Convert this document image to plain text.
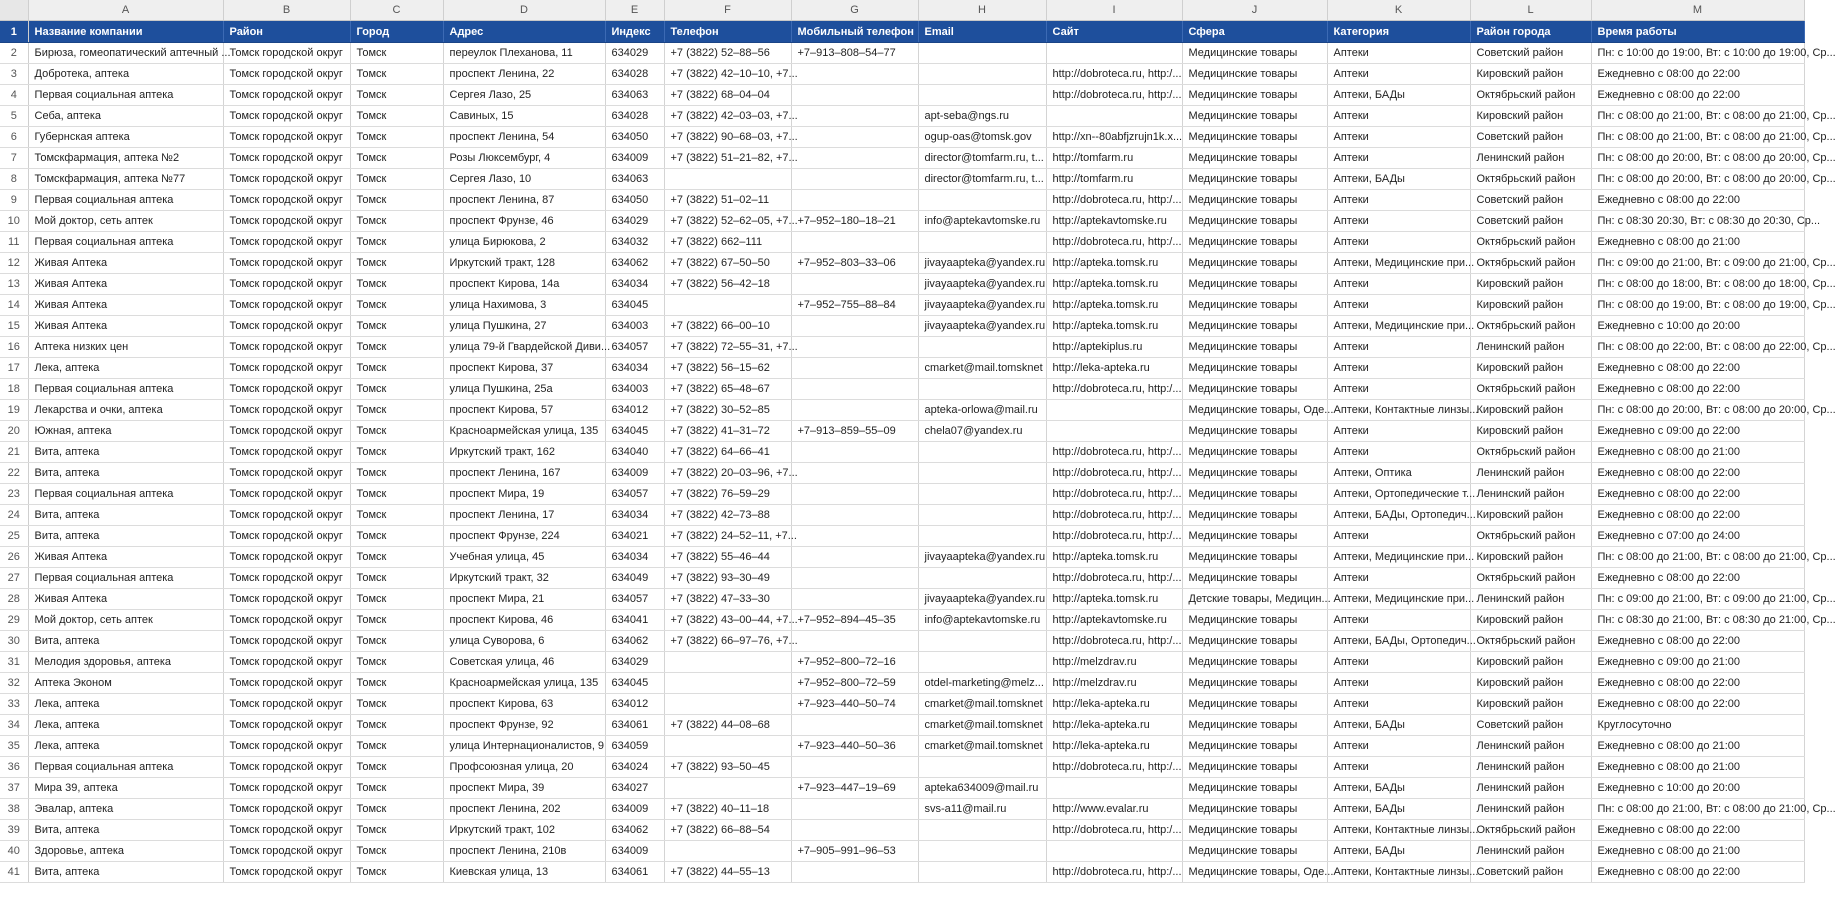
	A	B	C	D	E	F	G	H	I	J	K	L	M
1	Название компании	Район	Город	Адрес	Индекс	Телефон	Мобильный телефон	Email	Сайт	Сфера	Категория	Район города	Время работы
2	Бирюза, гомеопатический аптечный ...	Томск городской округ	Томск	переулок Плеханова, 11	634029	+7 (3822) 52‒88‒56	+7‒913‒808‒54‒77			Медицинские товары	Аптеки	Советский район	Пн: с 10:00 до 19:00, Вт: с 10:00 до 19:00, Ср...
3	Добротека, аптека	Томск городской округ	Томск	проспект Ленина, 22	634028	+7 (3822) 42‒10‒10, +7...			http://dobroteca.ru, http:/...	Медицинские товары	Аптеки	Кировский район	Ежедневно с 08:00 до 22:00
4	Первая социальная аптека	Томск городской округ	Томск	Сергея Лазо, 25	634063	+7 (3822) 68‒04‒04			http://dobroteca.ru, http:/...	Медицинские товары	Аптеки, БАДы	Октябрьский район	Ежедневно с 08:00 до 22:00
5	Себа, аптека	Томск городской округ	Томск	Савиных, 15	634028	+7 (3822) 42‒03‒03, +7...		apt-seba@ngs.ru		Медицинские товары	Аптеки	Кировский район	Пн: с 08:00 до 21:00, Вт: с 08:00 до 21:00, Ср...
6	Губернская аптека	Томск городской округ	Томск	проспект Ленина, 54	634050	+7 (3822) 90‒68‒03, +7...		ogup-oas@tomsk.gov	http://xn--80abfjzrujn1k.x...	Медицинские товары	Аптеки	Советский район	Пн: с 08:00 до 21:00, Вт: с 08:00 до 21:00, Ср...
7	Томскфармация, аптека №2	Томск городской округ	Томск	Розы Люксембург, 4	634009	+7 (3822) 51‒21‒82, +7...		director@tomfarm.ru, t...	http://tomfarm.ru	Медицинские товары	Аптеки	Ленинский район	Пн: с 08:00 до 20:00, Вт: с 08:00 до 20:00, Ср...
8	Томскфармация, аптека №77	Томск городской округ	Томск	Сергея Лазо, 10	634063			director@tomfarm.ru, t...	http://tomfarm.ru	Медицинские товары	Аптеки, БАДы	Октябрьский район	Пн: с 08:00 до 20:00, Вт: с 08:00 до 20:00, Ср...
9	Первая социальная аптека	Томск городской округ	Томск	проспект Ленина, 87	634050	+7 (3822) 51‒02‒11			http://dobroteca.ru, http:/...	Медицинские товары	Аптеки	Советский район	Ежедневно с 08:00 до 22:00
10	Мой доктор, сеть аптек	Томск городской округ	Томск	проспект Фрунзе, 46	634029	+7 (3822) 52‒62‒05, +7...	+7‒952‒180‒18‒21	info@aptekavtomske.ru	http://aptekavtomske.ru	Медицинские товары	Аптеки	Советский район	Пн: с 08:30 20:30, Вт: с 08:30 до 20:30, Ср...
11	Первая социальная аптека	Томск городской округ	Томск	улица Бирюкова, 2	634032	+7 (3822) 662‒111			http://dobroteca.ru, http:/...	Медицинские товары	Аптеки	Октябрьский район	Ежедневно с 08:00 до 21:00
12	Живая Аптека	Томск городской округ	Томск	Иркутский тракт, 128	634062	+7 (3822) 67‒50‒50	+7‒952‒803‒33‒06	jivayaapteka@yandex.ru	http://apteka.tomsk.ru	Медицинские товары	Аптеки, Медицинские при...	Октябрьский район	Пн: с 09:00 до 21:00, Вт: с 09:00 до 21:00, Ср...
13	Живая Аптека	Томск городской округ	Томск	проспект Кирова, 14а	634034	+7 (3822) 56‒42‒18		jivayaapteka@yandex.ru	http://apteka.tomsk.ru	Медицинские товары	Аптеки	Кировский район	Пн: с 08:00 до 18:00, Вт: с 08:00 до 18:00, Ср...
14	Живая Аптека	Томск городской округ	Томск	улица Нахимова, 3	634045		+7‒952‒755‒88‒84	jivayaapteka@yandex.ru	http://apteka.tomsk.ru	Медицинские товары	Аптеки	Кировский район	Пн: с 08:00 до 19:00, Вт: с 08:00 до 19:00, Ср...
15	Живая Аптека	Томск городской округ	Томск	улица Пушкина, 27	634003	+7 (3822) 66‒00‒10		jivayaapteka@yandex.ru	http://apteka.tomsk.ru	Медицинские товары	Аптеки, Медицинские при...	Октябрьский район	Ежедневно с 10:00 до 20:00
16	Аптека низких цен	Томск городской округ	Томск	улица 79-й Гвардейской Диви...	634057	+7 (3822) 72‒55‒31, +7...			http://aptekiplus.ru	Медицинские товары	Аптеки	Ленинский район	Пн: с 08:00 до 22:00, Вт: с 08:00 до 22:00, Ср...
17	Лека, аптека	Томск городской округ	Томск	проспект Кирова, 37	634034	+7 (3822) 56‒15‒62		cmarket@mail.tomsknet	http://leka-apteka.ru	Медицинские товары	Аптеки	Кировский район	Ежедневно с 08:00 до 22:00
18	Первая социальная аптека	Томск городской округ	Томск	улица Пушкина, 25а	634003	+7 (3822) 65‒48‒67			http://dobroteca.ru, http:/...	Медицинские товары	Аптеки	Октябрьский район	Ежедневно с 08:00 до 22:00
19	Лекарства и очки, аптека	Томск городской округ	Томск	проспект Кирова, 57	634012	+7 (3822) 30‒52‒85		apteka-orlowa@mail.ru		Медицинские товары, Оде...	Аптеки, Контактные линзы...	Кировский район	Пн: с 08:00 до 20:00, Вт: с 08:00 до 20:00, Ср...
20	Южная, аптека	Томск городской округ	Томск	Красноармейская улица, 135	634045	+7 (3822) 41‒31‒72	+7‒913‒859‒55‒09	chela07@yandex.ru		Медицинские товары	Аптеки	Кировский район	Ежедневно с 09:00 до 22:00
21	Вита, аптека	Томск городской округ	Томск	Иркутский тракт, 162	634040	+7 (3822) 64‒66‒41			http://dobroteca.ru, http:/...	Медицинские товары	Аптеки	Октябрьский район	Ежедневно с 08:00 до 21:00
22	Вита, аптека	Томск городской округ	Томск	проспект Ленина, 167	634009	+7 (3822) 20‒03‒96, +7...			http://dobroteca.ru, http:/...	Медицинские товары	Аптеки, Оптика	Ленинский район	Ежедневно с 08:00 до 22:00
23	Первая социальная аптека	Томск городской округ	Томск	проспект Мира, 19	634057	+7 (3822) 76‒59‒29			http://dobroteca.ru, http:/...	Медицинские товары	Аптеки, Ортопедические т...	Ленинский район	Ежедневно с 08:00 до 22:00
24	Вита, аптека	Томск городской округ	Томск	проспект Ленина, 17	634034	+7 (3822) 42‒73‒88			http://dobroteca.ru, http:/...	Медицинские товары	Аптеки, БАДы, Ортопедич...	Кировский район	Ежедневно с 08:00 до 22:00
25	Вита, аптека	Томск городской округ	Томск	проспект Фрунзе, 224	634021	+7 (3822) 24‒52‒11, +7...			http://dobroteca.ru, http:/...	Медицинские товары	Аптеки	Октябрьский район	Ежедневно с 07:00 до 24:00
26	Живая Аптека	Томск городской округ	Томск	Учебная улица, 45	634034	+7 (3822) 55‒46‒44		jivayaapteka@yandex.ru	http://apteka.tomsk.ru	Медицинские товары	Аптеки, Медицинские при...	Кировский район	Пн: с 08:00 до 21:00, Вт: с 08:00 до 21:00, Ср...
27	Первая социальная аптека	Томск городской округ	Томск	Иркутский тракт, 32	634049	+7 (3822) 93‒30‒49			http://dobroteca.ru, http:/...	Медицинские товары	Аптеки	Октябрьский район	Ежедневно с 08:00 до 22:00
28	Живая Аптека	Томск городской округ	Томск	проспект Мира, 21	634057	+7 (3822) 47‒33‒30		jivayaapteka@yandex.ru	http://apteka.tomsk.ru	Детские товары, Медицин...	Аптеки, Медицинские при...	Ленинский район	Пн: с 09:00 до 21:00, Вт: с 09:00 до 21:00, Ср...
29	Мой доктор, сеть аптек	Томск городской округ	Томск	проспект Кирова, 46	634041	+7 (3822) 43‒00‒44, +7...	+7‒952‒894‒45‒35	info@aptekavtomske.ru	http://aptekavtomske.ru	Медицинские товары	Аптеки	Кировский район	Пн: с 08:30 до 21:00, Вт: с 08:30 до 21:00, Ср...
30	Вита, аптека	Томск городской округ	Томск	улица Суворова, 6	634062	+7 (3822) 66‒97‒76, +7...			http://dobroteca.ru, http:/...	Медицинские товары	Аптеки, БАДы, Ортопедич...	Октябрьский район	Ежедневно с 08:00 до 22:00
31	Мелодия здоровья, аптека	Томск городской округ	Томск	Советская улица, 46	634029		+7‒952‒800‒72‒16		http://melzdrav.ru	Медицинские товары	Аптеки	Кировский район	Ежедневно с 09:00 до 21:00
32	Аптека Эконом	Томск городской округ	Томск	Красноармейская улица, 135	634045		+7‒952‒800‒72‒59	otdel-marketing@melz...	http://melzdrav.ru	Медицинские товары	Аптеки	Кировский район	Ежедневно с 08:00 до 22:00
33	Лека, аптека	Томск городской округ	Томск	проспект Кирова, 63	634012		+7‒923‒440‒50‒74	cmarket@mail.tomsknet	http://leka-apteka.ru	Медицинские товары	Аптеки	Кировский район	Ежедневно с 08:00 до 22:00
34	Лека, аптека	Томск городской округ	Томск	проспект Фрунзе, 92	634061	+7 (3822) 44‒08‒68		cmarket@mail.tomsknet	http://leka-apteka.ru	Медицинские товары	Аптеки, БАДы	Советский район	Круглосуточно
35	Лека, аптека	Томск городской округ	Томск	улица Интернационалистов, 9	634059		+7‒923‒440‒50‒36	cmarket@mail.tomsknet	http://leka-apteka.ru	Медицинские товары	Аптеки	Ленинский район	Ежедневно с 08:00 до 21:00
36	Первая социальная аптека	Томск городской округ	Томск	Профсоюзная улица, 20	634024	+7 (3822) 93‒50‒45			http://dobroteca.ru, http:/...	Медицинские товары	Аптеки	Ленинский район	Ежедневно с 08:00 до 21:00
37	Мира 39, аптека	Томск городской округ	Томск	проспект Мира, 39	634027		+7‒923‒447‒19‒69	apteka634009@mail.ru		Медицинские товары	Аптеки, БАДы	Ленинский район	Ежедневно с 10:00 до 20:00
38	Эвалар, аптека	Томск городской округ	Томск	проспект Ленина, 202	634009	+7 (3822) 40‒11‒18		svs-a11@mail.ru	http://www.evalar.ru	Медицинские товары	Аптеки, БАДы	Ленинский район	Пн: с 08:00 до 21:00, Вт: с 08:00 до 21:00, Ср...
39	Вита, аптека	Томск городской округ	Томск	Иркутский тракт, 102	634062	+7 (3822) 66‒88‒54			http://dobroteca.ru, http:/...	Медицинские товары	Аптеки, Контактные линзы...	Октябрьский район	Ежедневно с 08:00 до 22:00
40	Здоровье, аптека	Томск городской округ	Томск	проспект Ленина, 210в	634009		+7‒905‒991‒96‒53			Медицинские товары	Аптеки, БАДы	Ленинский район	Ежедневно с 08:00 до 21:00
41	Вита, аптека	Томск городской округ	Томск	Киевская улица, 13	634061	+7 (3822) 44‒55‒13			http://dobroteca.ru, http:/...	Медицинские товары, Оде...	Аптеки, Контактные линзы...	Советский район	Ежедневно с 08:00 до 22:00
